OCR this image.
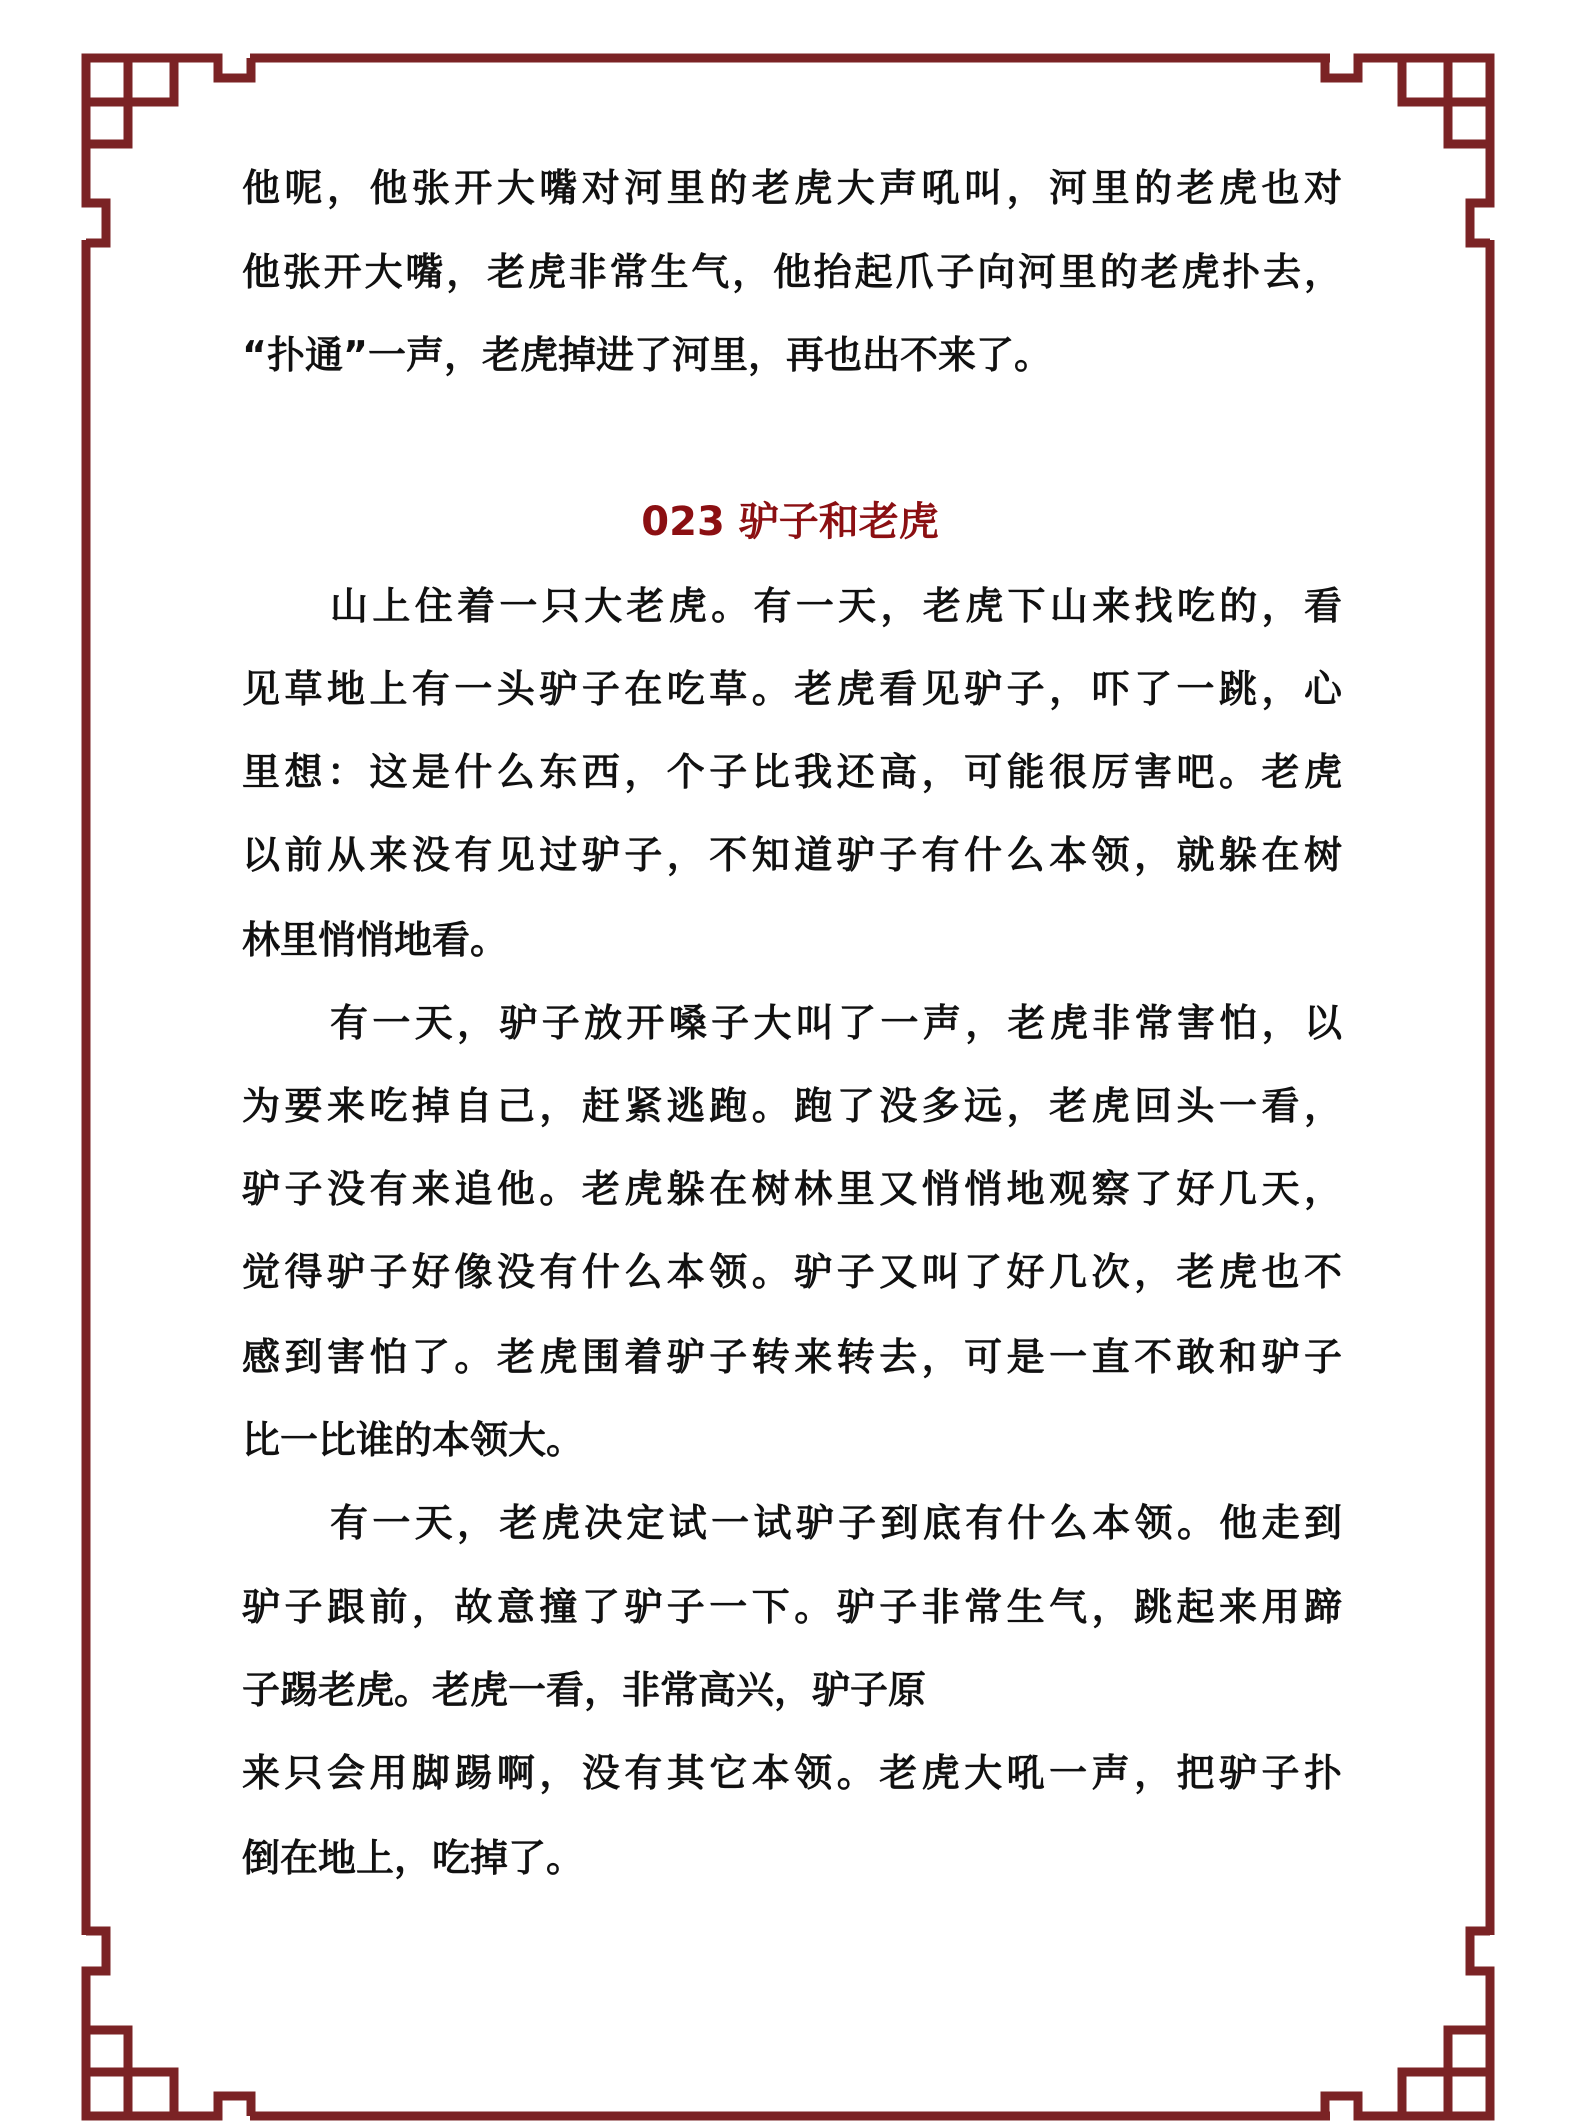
他呢，他张开大嘴对河里的老虎大声吼叫，河里的老虎也对
他张开大嘴，老虎非常生气，他抬起爪子向河里的老虎扑去，
“扑通”一声，老虎掉进了河里，再也出不来了。
023 驴子和老虎
山上住着一只大老虎。有一天，老虎下山来找吃的，看
见草地上有一头驴子在吃草。老虎看见驴子，吓了一跳，心
里想：这是什么东西，个子比我还高，可能很厉害吧。老虎
以前从来没有见过驴子，不知道驴子有什么本领，就躲在树
林里悄悄地看。
有一天，驴子放开嗓子大叫了一声，老虎非常害怕，以
为要来吃掉自己，赶紧逃跑。跑了没多远，老虎回头一看，
驴子没有来追他。老虎躲在树林里又悄悄地观察了好几天，
觉得驴子好像没有什么本领。驴子又叫了好几次，老虎也不
感到害怕了。老虎围着驴子转来转去，可是一直不敢和驴子
比一比谁的本领大。
有一天，老虎决定试一试驴子到底有什么本领。他走到
驴子跟前，故意撞了驴子一下。驴子非常生气，跳起来用蹄
子踢老虎。老虎一看，非常高兴，驴子原
来只会用脚踢啊，没有其它本领。老虎大吼一声，把驴子扑
倒在地上，吃掉了。
